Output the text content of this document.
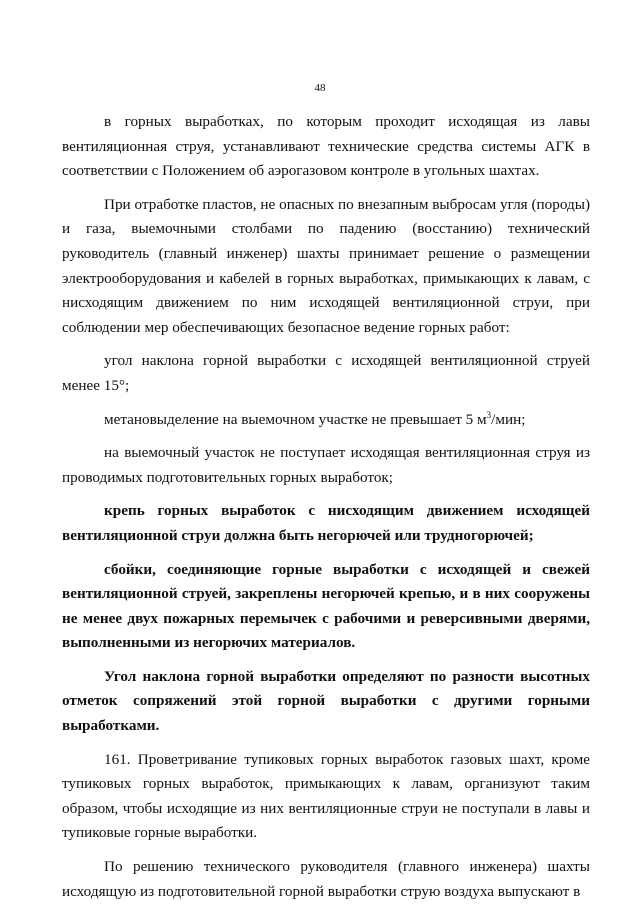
48

в горных выработках, по которым проходит исходящая из лавы вентиляционная струя, устанавливают технические средства системы АГК в соответствии с Положением об аэрогазовом контроле в угольных шахтах.

При отработке пластов, не опасных по внезапным выбросам угля (породы) и газа, выемочными столбами по падению (восстанию) технический руководитель (главный инженер) шахты принимает решение о размещении электрооборудования и кабелей в горных выработках, примыкающих к лавам, с нисходящим движением по ним исходящей вентиляционной струи, при соблюдении мер обеспечивающих безопасное ведение горных работ:

угол наклона горной выработки с исходящей вентиляционной струей менее 15°;

метановыделение на выемочном участке не превышает 5 $м^3$/мин;

на выемочный участок не поступает исходящая вентиляционная струя из проводимых подготовительных горных выработок;

крепь горных выработок с нисходящим движением исходящей вентиляционной струи должна быть негорючей или трудногорючей;

сбойки, соединяющие горные выработки с исходящей и свежей вентиляционной струей, закреплены негорючей крепью, и в них сооружены не менее двух пожарных перемычек с рабочими и реверсивными дверями, выполненными из негорючих материалов.

Угол наклона горной выработки определяют по разности высотных отметок сопряжений этой горной выработки с другими горными выработками.

161. Проветривание тупиковых горных выработок газовых шахт, кроме тупиковых горных выработок, примыкающих к лавам, организуют таким образом, чтобы исходящие из них вентиляционные струи не поступали в лавы и тупиковые горные выработки.

По решению технического руководителя (главного инженера) шахты исходящую из подготовительной горной выработки струю воздуха выпускают в
